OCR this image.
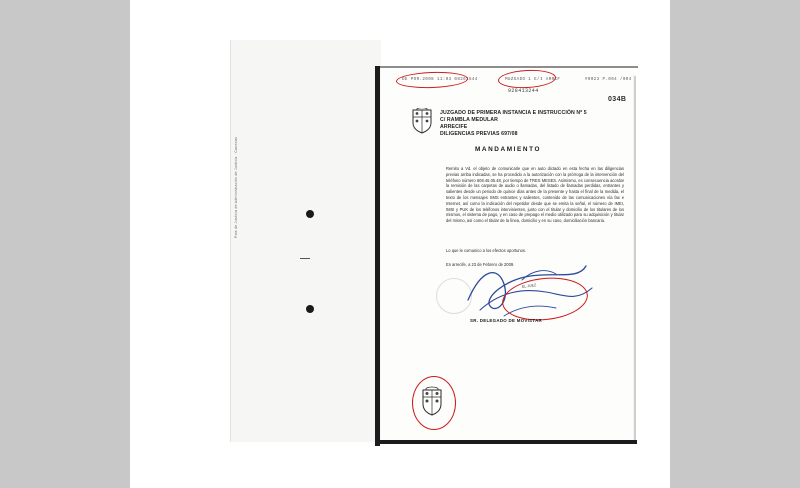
Pais de Justicia de Administración de Justicia · Canarias
DE POR.2008 11:03 08261544	MUZGADO 1 E/I ARRCF	#0023 P.004 /004
928413244
034B
JUZGADO DE PRIMERA INSTANCIA E INSTRUCCIÓN Nº 5
C/ RAMBLA MEDULAR
ARRECIFE
DILIGENCIAS PREVIAS 697/08
MANDAMIENTO
Remito a Vd. el objeto de comunicarle que en auto dictado en esta fecha en las diligencias previas arriba indicadas, se ha procedido a la autorización con la prórroga de la intervención del teléfono número 608.46.05.48, por tiempo de TRES MESES. Asimismo, es consecuencia acordar la remisión de las carpetas de audio o llamadas, del listado de llamadas perdidas, entrantes y salientes desde un periodo de quince días antes de la presente y hasta el final de la medida, el texto de los mensajes SMS entrantes y salientes, contenido de las comunicaciones vía fax e Internet, así como la indicación del repetidor desde que se emita la señal, el número de IMEI, IMSI y PUK de los teléfonos intervinientes, junto con el titular y domicilio de los titulares de los mismos, el sistema de pago, y en caso de prepago el medio utilizado para su adquisición y titular del mismo, así como el titular de la línea, domicilio y en su caso, domiciliación bancaria.
Lo que le comunico a los efectos oportunos.
En arrecife, a 23 de Febrero de 2009.
EL JUEZ
SR. DELEGADO DE MOVISTAR
